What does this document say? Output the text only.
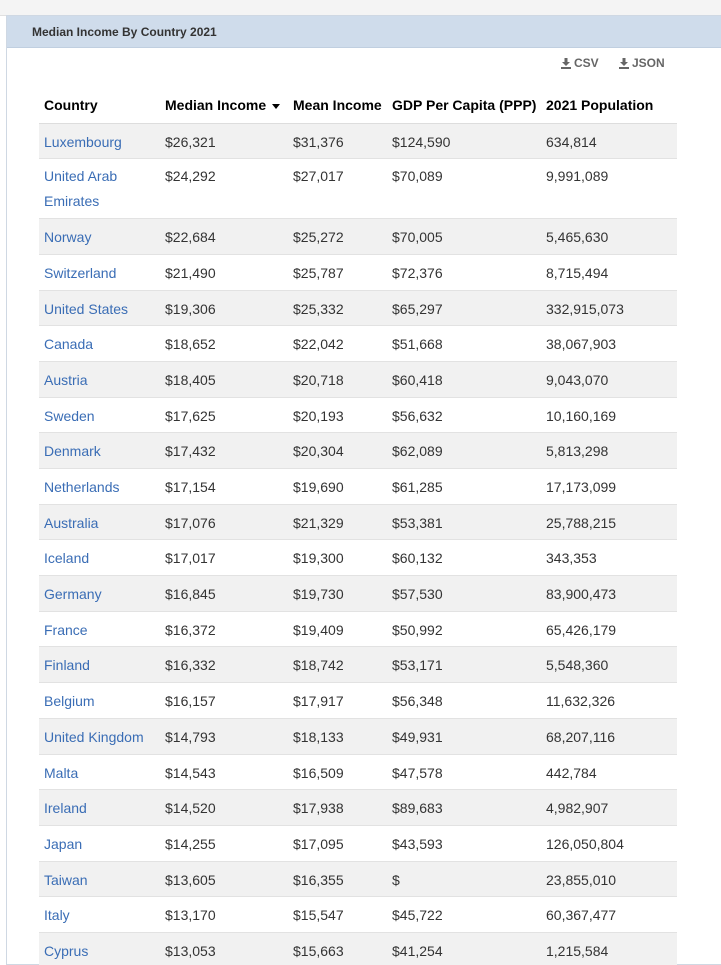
Median Income By Country 2021
CSV	JSON
Country	Median Income	Mean Income	GDP Per Capita (PPP)	2021 Population
Luxembourg	$26,321	$31,376	$124,590	634,814
United Arab Emirates	$24,292	$27,017	$70,089	9,991,089
Norway	$22,684	$25,272	$70,005	5,465,630
Switzerland	$21,490	$25,787	$72,376	8,715,494
United States	$19,306	$25,332	$65,297	332,915,073
Canada	$18,652	$22,042	$51,668	38,067,903
Austria	$18,405	$20,718	$60,418	9,043,070
Sweden	$17,625	$20,193	$56,632	10,160,169
Denmark	$17,432	$20,304	$62,089	5,813,298
Netherlands	$17,154	$19,690	$61,285	17,173,099
Australia	$17,076	$21,329	$53,381	25,788,215
Iceland	$17,017	$19,300	$60,132	343,353
Germany	$16,845	$19,730	$57,530	83,900,473
France	$16,372	$19,409	$50,992	65,426,179
Finland	$16,332	$18,742	$53,171	5,548,360
Belgium	$16,157	$17,917	$56,348	11,632,326
United Kingdom	$14,793	$18,133	$49,931	68,207,116
Malta	$14,543	$16,509	$47,578	442,784
Ireland	$14,520	$17,938	$89,683	4,982,907
Japan	$14,255	$17,095	$43,593	126,050,804
Taiwan	$13,605	$16,355	$	23,855,010
Italy	$13,170	$15,547	$45,722	60,367,477
Cyprus	$13,053	$15,663	$41,254	1,215,584
